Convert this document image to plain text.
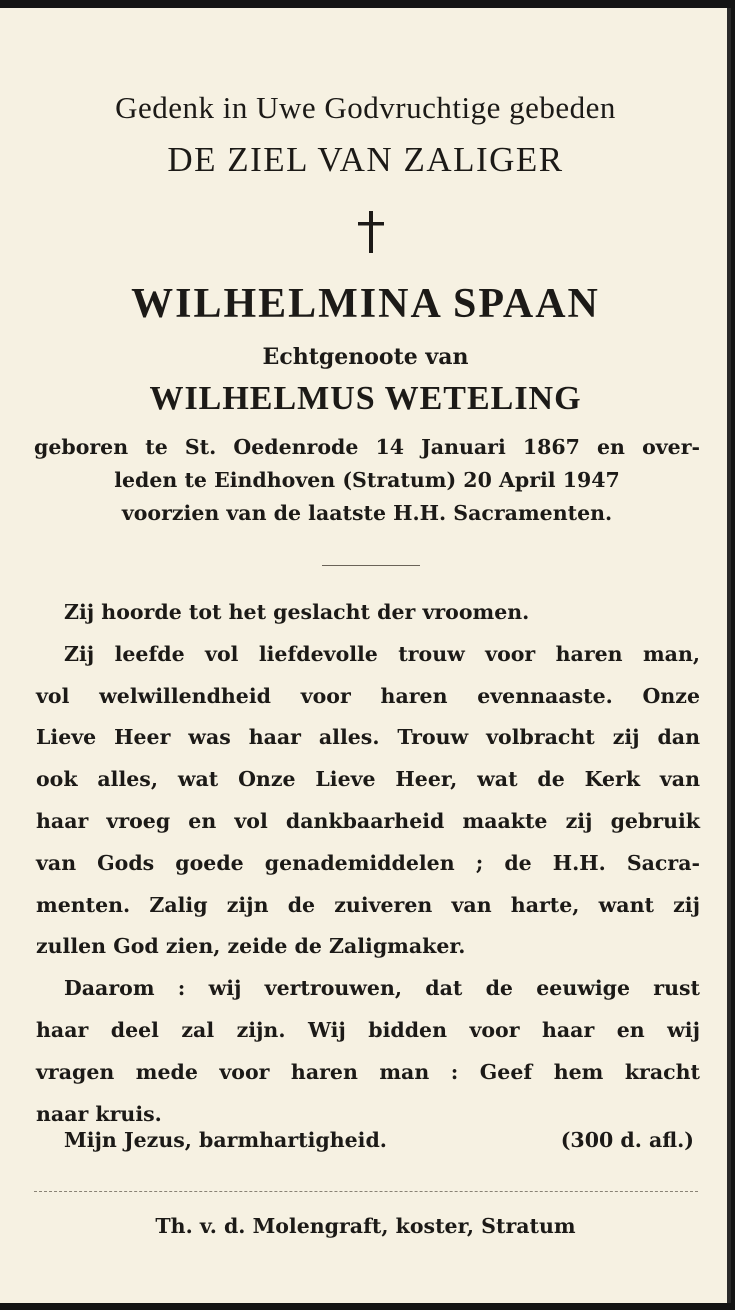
Gedenk in Uwe Godvruchtige gebeden
DE ZIEL VAN ZALIGER
WILHELMINA SPAAN
Echtgenoote van
WILHELMUS WETELING
geboren te St. Oedenrode 14 Januari 1867 en over-
leden te Eindhoven (Stratum) 20 April 1947
voorzien van de laatste H.H. Sacramenten.
Zij hoorde tot het geslacht der vroomen.
Zij leefde vol liefdevolle trouw voor haren man,
vol welwillendheid voor haren evennaaste. Onze
Lieve Heer was haar alles. Trouw volbracht zij dan
ook alles, wat Onze Lieve Heer, wat de Kerk van
haar vroeg en vol dankbaarheid maakte zij gebruik
van Gods goede genademiddelen ; de H.H. Sacra-
menten. Zalig zijn de zuiveren van harte, want zij
zullen God zien, zeide de Zaligmaker.
Daarom : wij vertrouwen, dat de eeuwige rust
haar deel zal zijn. Wij bidden voor haar en wij
vragen mede voor haren man : Geef hem kracht
naar kruis.
Mijn Jezus, barmhartigheid.	(300 d. afl.)
Th. v. d. Molengraft, koster, Stratum
